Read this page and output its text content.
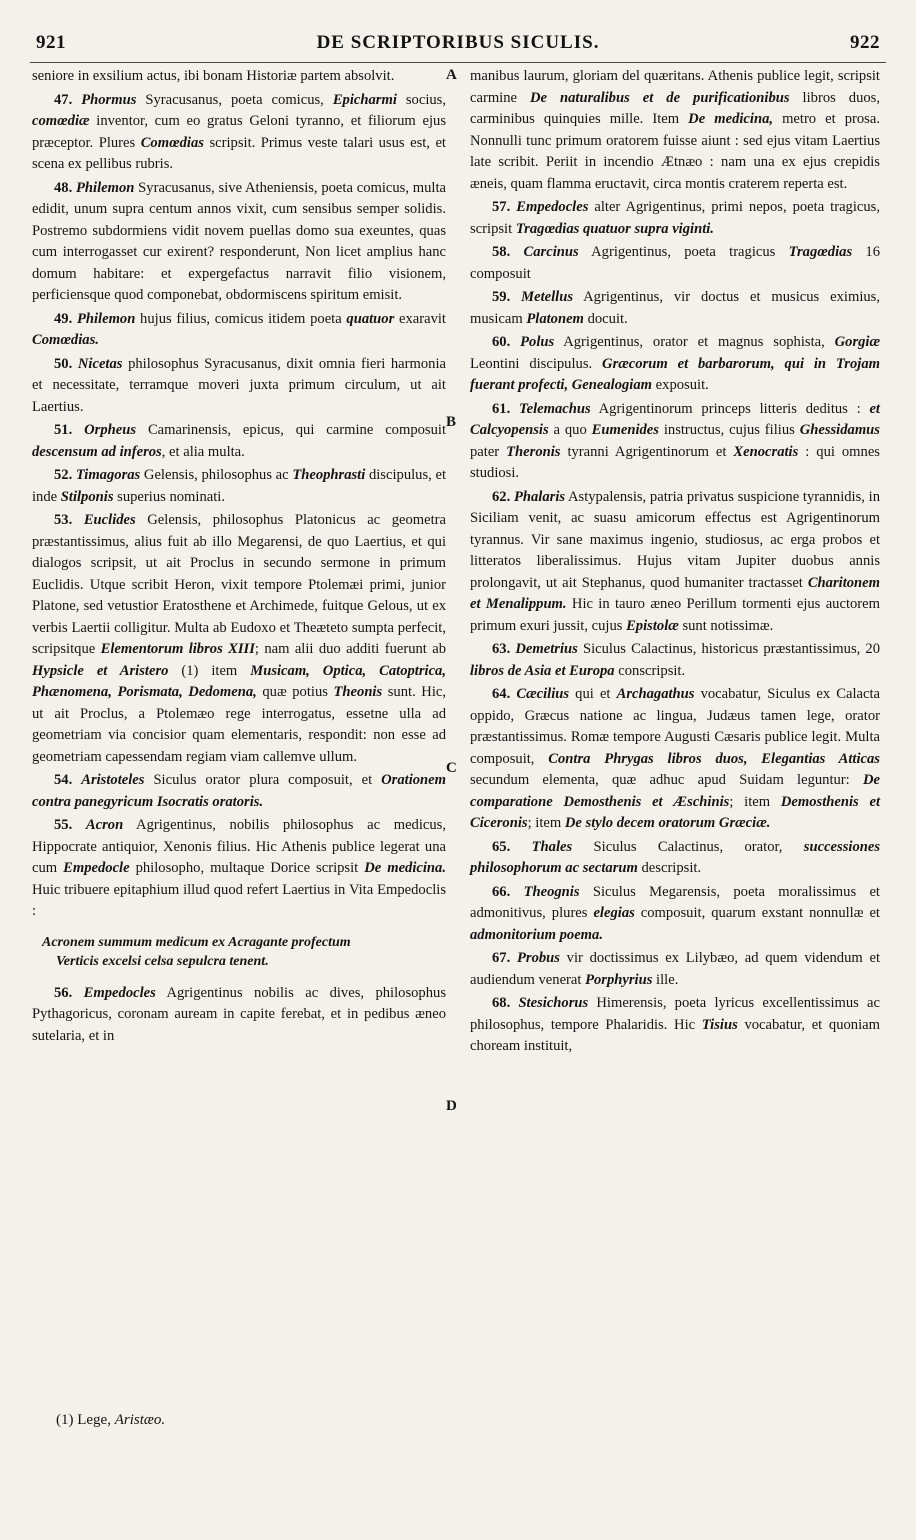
921	DE SCRIPTORIBUS SICULIS.	922

seniore in exsilium actus, ibi bonam Historiæ partem absolvit.

47. Phormus Syracusanus, poeta comicus, Epicharmi socius, comœdiæ inventor, cum eo gratus Geloni tyranno, et filiorum ejus præceptor. Plures Comœdias scripsit. Primus veste talari usus est, et scena ex pellibus rubris.

48. Philemon Syracusanus, sive Atheniensis, poeta comicus, multa edidit, unum supra centum annos vixit, cum sensibus semper solidis. Postremo subdormiens vidit novem puellas domo sua exeuntes, quas cum interrogasset cur exirent? responderunt, Non licet amplius hanc domum habitare: et expergefactus narravit filio visionem, perficiensque quod componebat, obdormiscens spiritum emisit.

49. Philemon hujus filius, comicus itidem poeta quatuor exaravit Comœdias.

50. Nicetas philosophus Syracusanus, dixit omnia fieri harmonia et necessitate, terramque moveri juxta primum circulum, ut ait Laertius.

51. Orpheus Camarinensis, epicus, qui carmine composuit descensum ad inferos, et alia multa.

52. Timagoras Gelensis, philosophus ac Theophrasti discipulus, et inde Stilponis superius nominati.

53. Euclides Gelensis, philosophus Platonicus ac geometra præstantissimus, alius fuit ab illo Megarensi, de quo Laertius, et qui dialogos scripsit, ut ait Proclus in secundo sermone in primum Euclidis. Utque scribit Heron, vixit tempore Ptolemæi primi, junior Platone, sed vetustior Eratosthene et Archimede, fuitque Gelous, ut ex verbis Laertii colligitur. Multa ab Eudoxo et Theæteto sumpta perfecit, scripsitque Elementorum libros XIII; nam alii duo additi fuerunt ab Hypsicle et Aristero (1) item Musicam, Optica, Catoptrica, Phænomena, Porismata, Dedomena, quæ potius Theonis sunt. Hic, ut ait Proclus, a Ptolemæo rege interrogatus, essetne ulla ad geometriam via concisior quam elementaris, respondit: non esse ad geometriam capessendam regiam viam callemve ullum.

54. Aristoteles Siculus orator plura composuit, et Orationem contra panegyricum Isocratis oratoris.

55. Acron Agrigentinus, nobilis philosophus ac medicus, Hippocrate antiquior, Xenonis filius. Hic Athenis publice legerat una cum Empedocle philosopho, multaque Dorice scripsit De medicina. Huic tribuere epitaphium illud quod refert Laertius in Vita Empedoclis :

Acronem summum medicum ex Acragante profectum
Verticis excelsi celsa sepulcra tenent.

56. Empedocles Agrigentinus nobilis ac dives, philosophus Pythagoricus, coronam auream in capite ferebat, et in pedibus æneo sutelaria, et in

A
B
C
D

manibus laurum, gloriam del quæritans. Athenis publice legit, scripsit carmine De naturalibus et de purificationibus libros duos, carminibus quinquies mille. Item De medicina, metro et prosa. Nonnulli tunc primum oratorem fuisse aiunt : sed ejus vitam Laertius late scribit. Periit in incendio Ætnæo : nam una ex ejus crepidis æneis, quam flamma eructavit, circa montis craterem reperta est.

57. Empedocles alter Agrigentinus, primi nepos, poeta tragicus, scripsit Tragœdias quatuor supra viginti.

58. Carcinus Agrigentinus, poeta tragicus Tragœdias 16 composuit

59. Metellus Agrigentinus, vir doctus et musicus eximius, musicam Platonem docuit.

60. Polus Agrigentinus, orator et magnus sophista, Gorgiæ Leontini discipulus. Græcorum et barbarorum, qui in Trojam fuerant profecti, Genealogiam exposuit.

61. Telemachus Agrigentinorum princeps litteris deditus : et Calcyopensis a quo Eumenides instructus, cujus filius Ghessidamus pater Theronis tyranni Agrigentinorum et Xenocratis : qui omnes studiosi.

62. Phalaris Astypalensis, patria privatus suspicione tyrannidis, in Siciliam venit, ac suasu amicorum effectus est Agrigentinorum tyrannus. Vir sane maximus ingenio, studiosus, ac erga probos et litteratos liberalissimus. Hujus vitam Jupiter duobus annis prolongavit, ut ait Stephanus, quod humaniter tractasset Charitonem et Menalippum. Hic in tauro æneo Perillum tormenti ejus auctorem primum exuri jussit, cujus Epistolæ sunt notissimæ.

63. Demetrius Siculus Calactinus, historicus præstantissimus, 20 libros de Asia et Europa conscripsit.

64. Cæcilius qui et Archagathus vocabatur, Siculus ex Calacta oppido, Græcus natione ac lingua, Judæus tamen lege, orator præstantissimus. Romæ tempore Augusti Cæsaris publice legit. Multa composuit, Contra Phrygas libros duos, Elegantias Atticas secundum elementa, quæ adhuc apud Suidam leguntur: De comparatione Demosthenis et Æschinis; item Demosthenis et Ciceronis; item De stylo decem oratorum Græciæ.

65. Thales Siculus Calactinus, orator, successiones philosophorum ac sectarum descripsit.

66. Theognis Siculus Megarensis, poeta moralissimus et admonitivus, plures elegias composuit, quarum exstant nonnullæ et admonitorium poema.

67. Probus vir doctissimus ex Lilybæo, ad quem videndum et audiendum venerat Porphyrius ille.

68. Stesichorus Himerensis, poeta lyricus excellentissimus ac philosophus, tempore Phalaridis. Hic Tisius vocabatur, et quoniam choream instituit,

(1) Lege, Aristæo.
